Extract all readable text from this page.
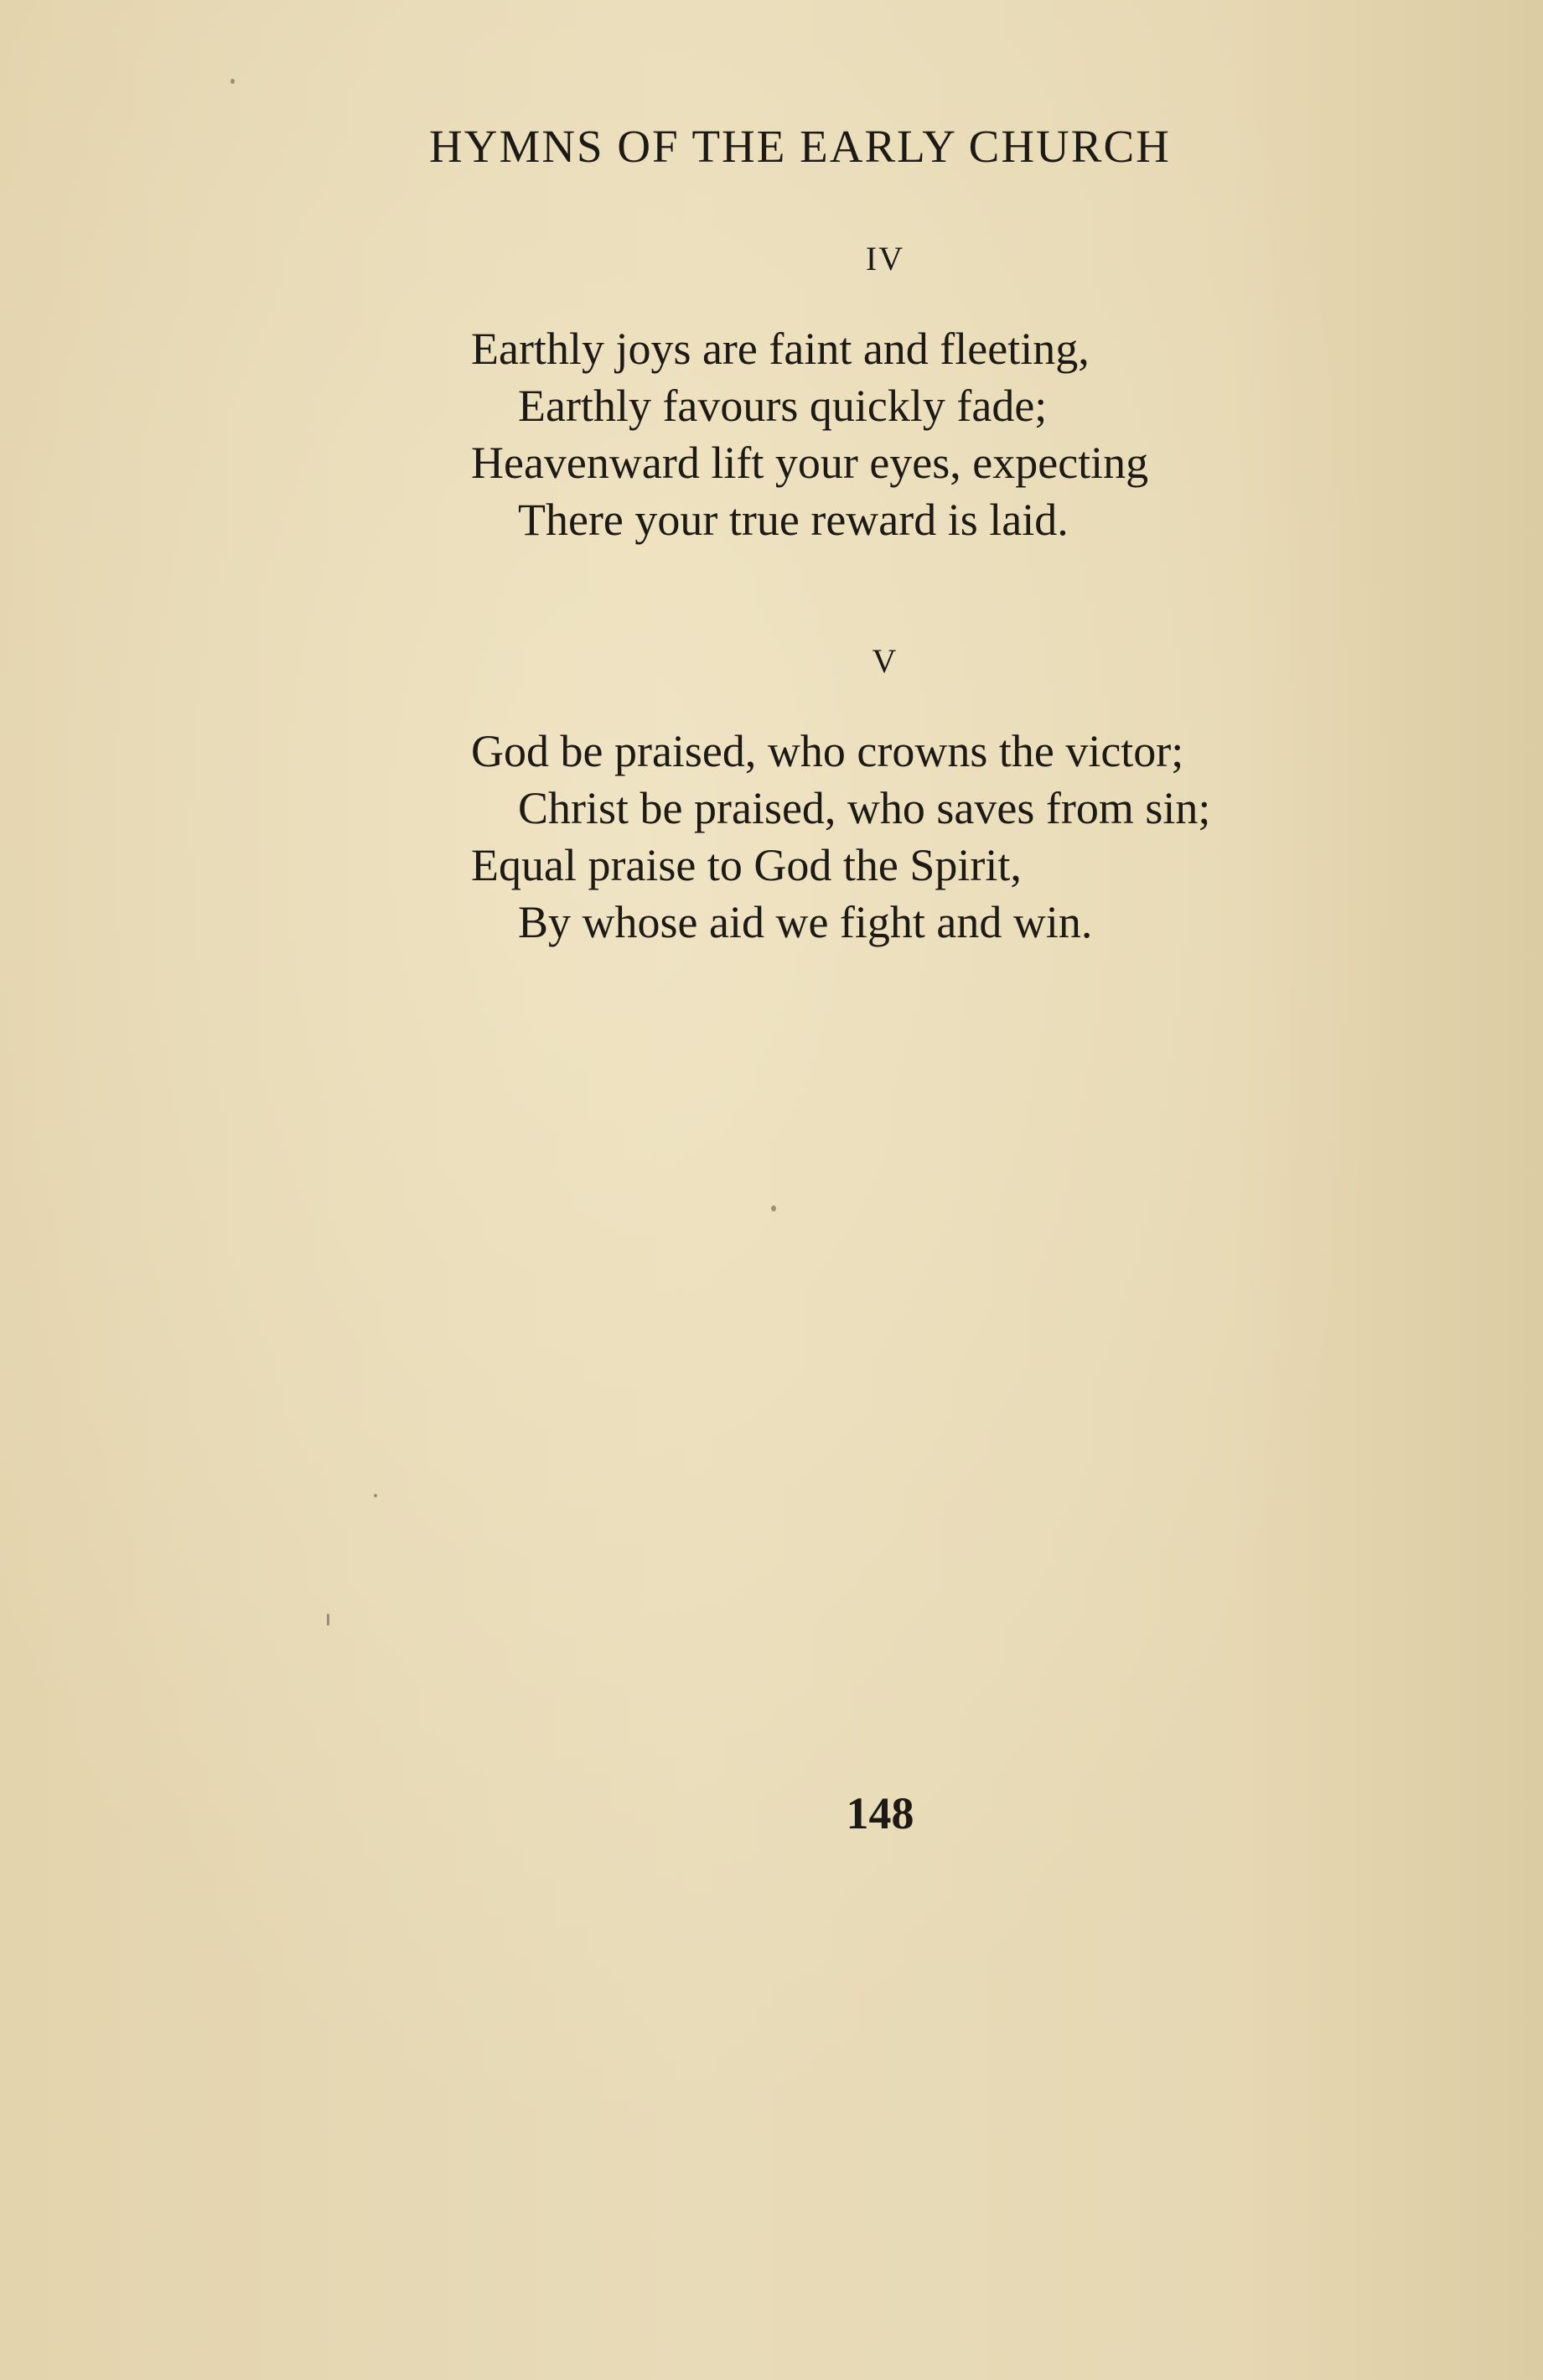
HYMNS OF THE EARLY CHURCH
IV
Earthly joys are faint and fleeting,
Earthly favours quickly fade;
Heavenward lift your eyes, expecting
There your true reward is laid.
V
God be praised, who crowns the victor;
Christ be praised, who saves from sin;
Equal praise to God the Spirit,
By whose aid we fight and win.
148
